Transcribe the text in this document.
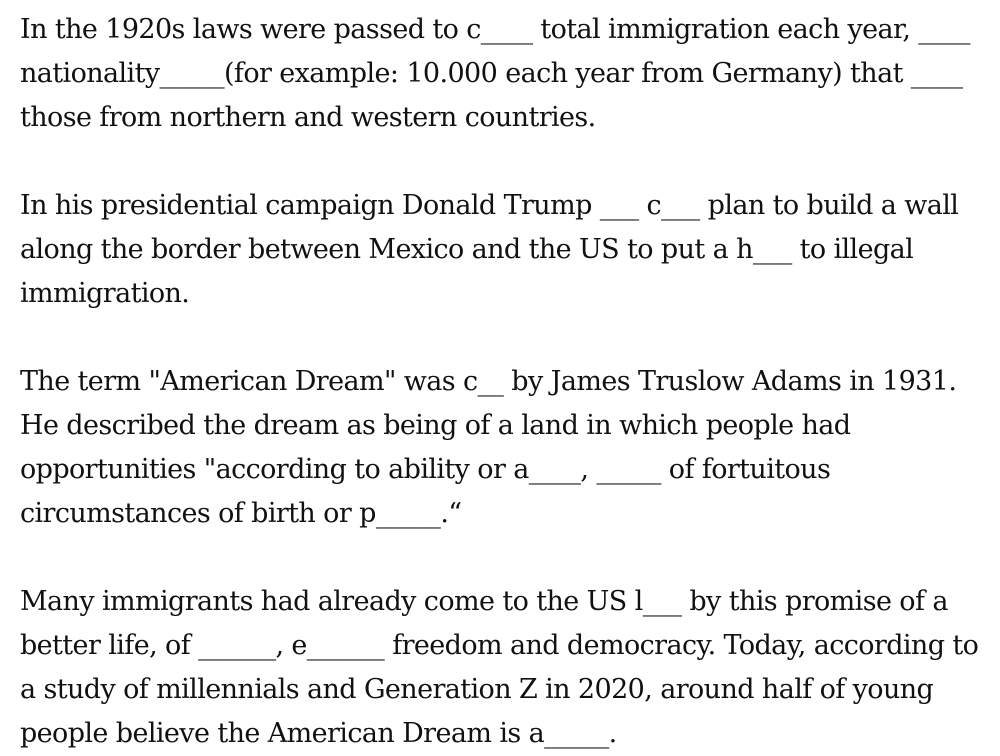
In the 1920s laws were passed to c____ total immigration each year, ____ nationality_____(for example: 10.000 each year from Germany) that ____ those from northern and western countries.

In his presidential campaign Donald Trump ___ c___ plan to build a wall along the border between Mexico and the US to put a h___ to illegal immigration.

The term "American Dream" was c__ by James Truslow Adams in 1931. He described the dream as being of a land in which people had opportunities "according to ability or a____, _____ of fortuitous circumstances of birth or p_____.“

Many immigrants had already come to the US l___ by this promise of a better life, of ______, e______ freedom and democracy. Today, according to a study of millennials and Generation Z in 2020, around half of young people believe the American Dream is a_____.
